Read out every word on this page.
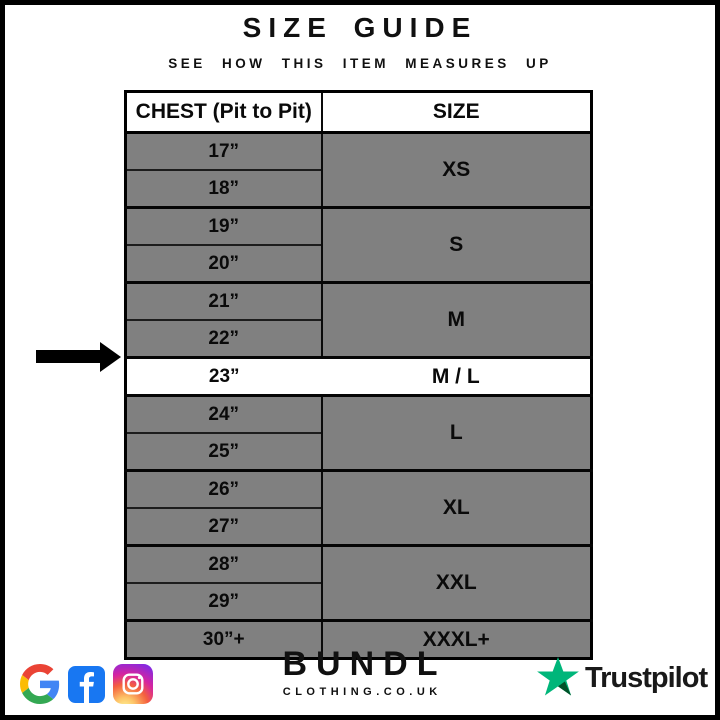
SIZE GUIDE
SEE HOW THIS ITEM MEASURES UP
CHEST (Pit to Pit)	SIZE
17”	XS
18”	
19”	S
20”	
21”	M
22”	
23”	M / L
24”	L
25”	
26”	XL
27”	
28”	XXL
29”	
30”+	XXXL+
BUNDL
CLOTHING.CO.UK	Trustpilot
